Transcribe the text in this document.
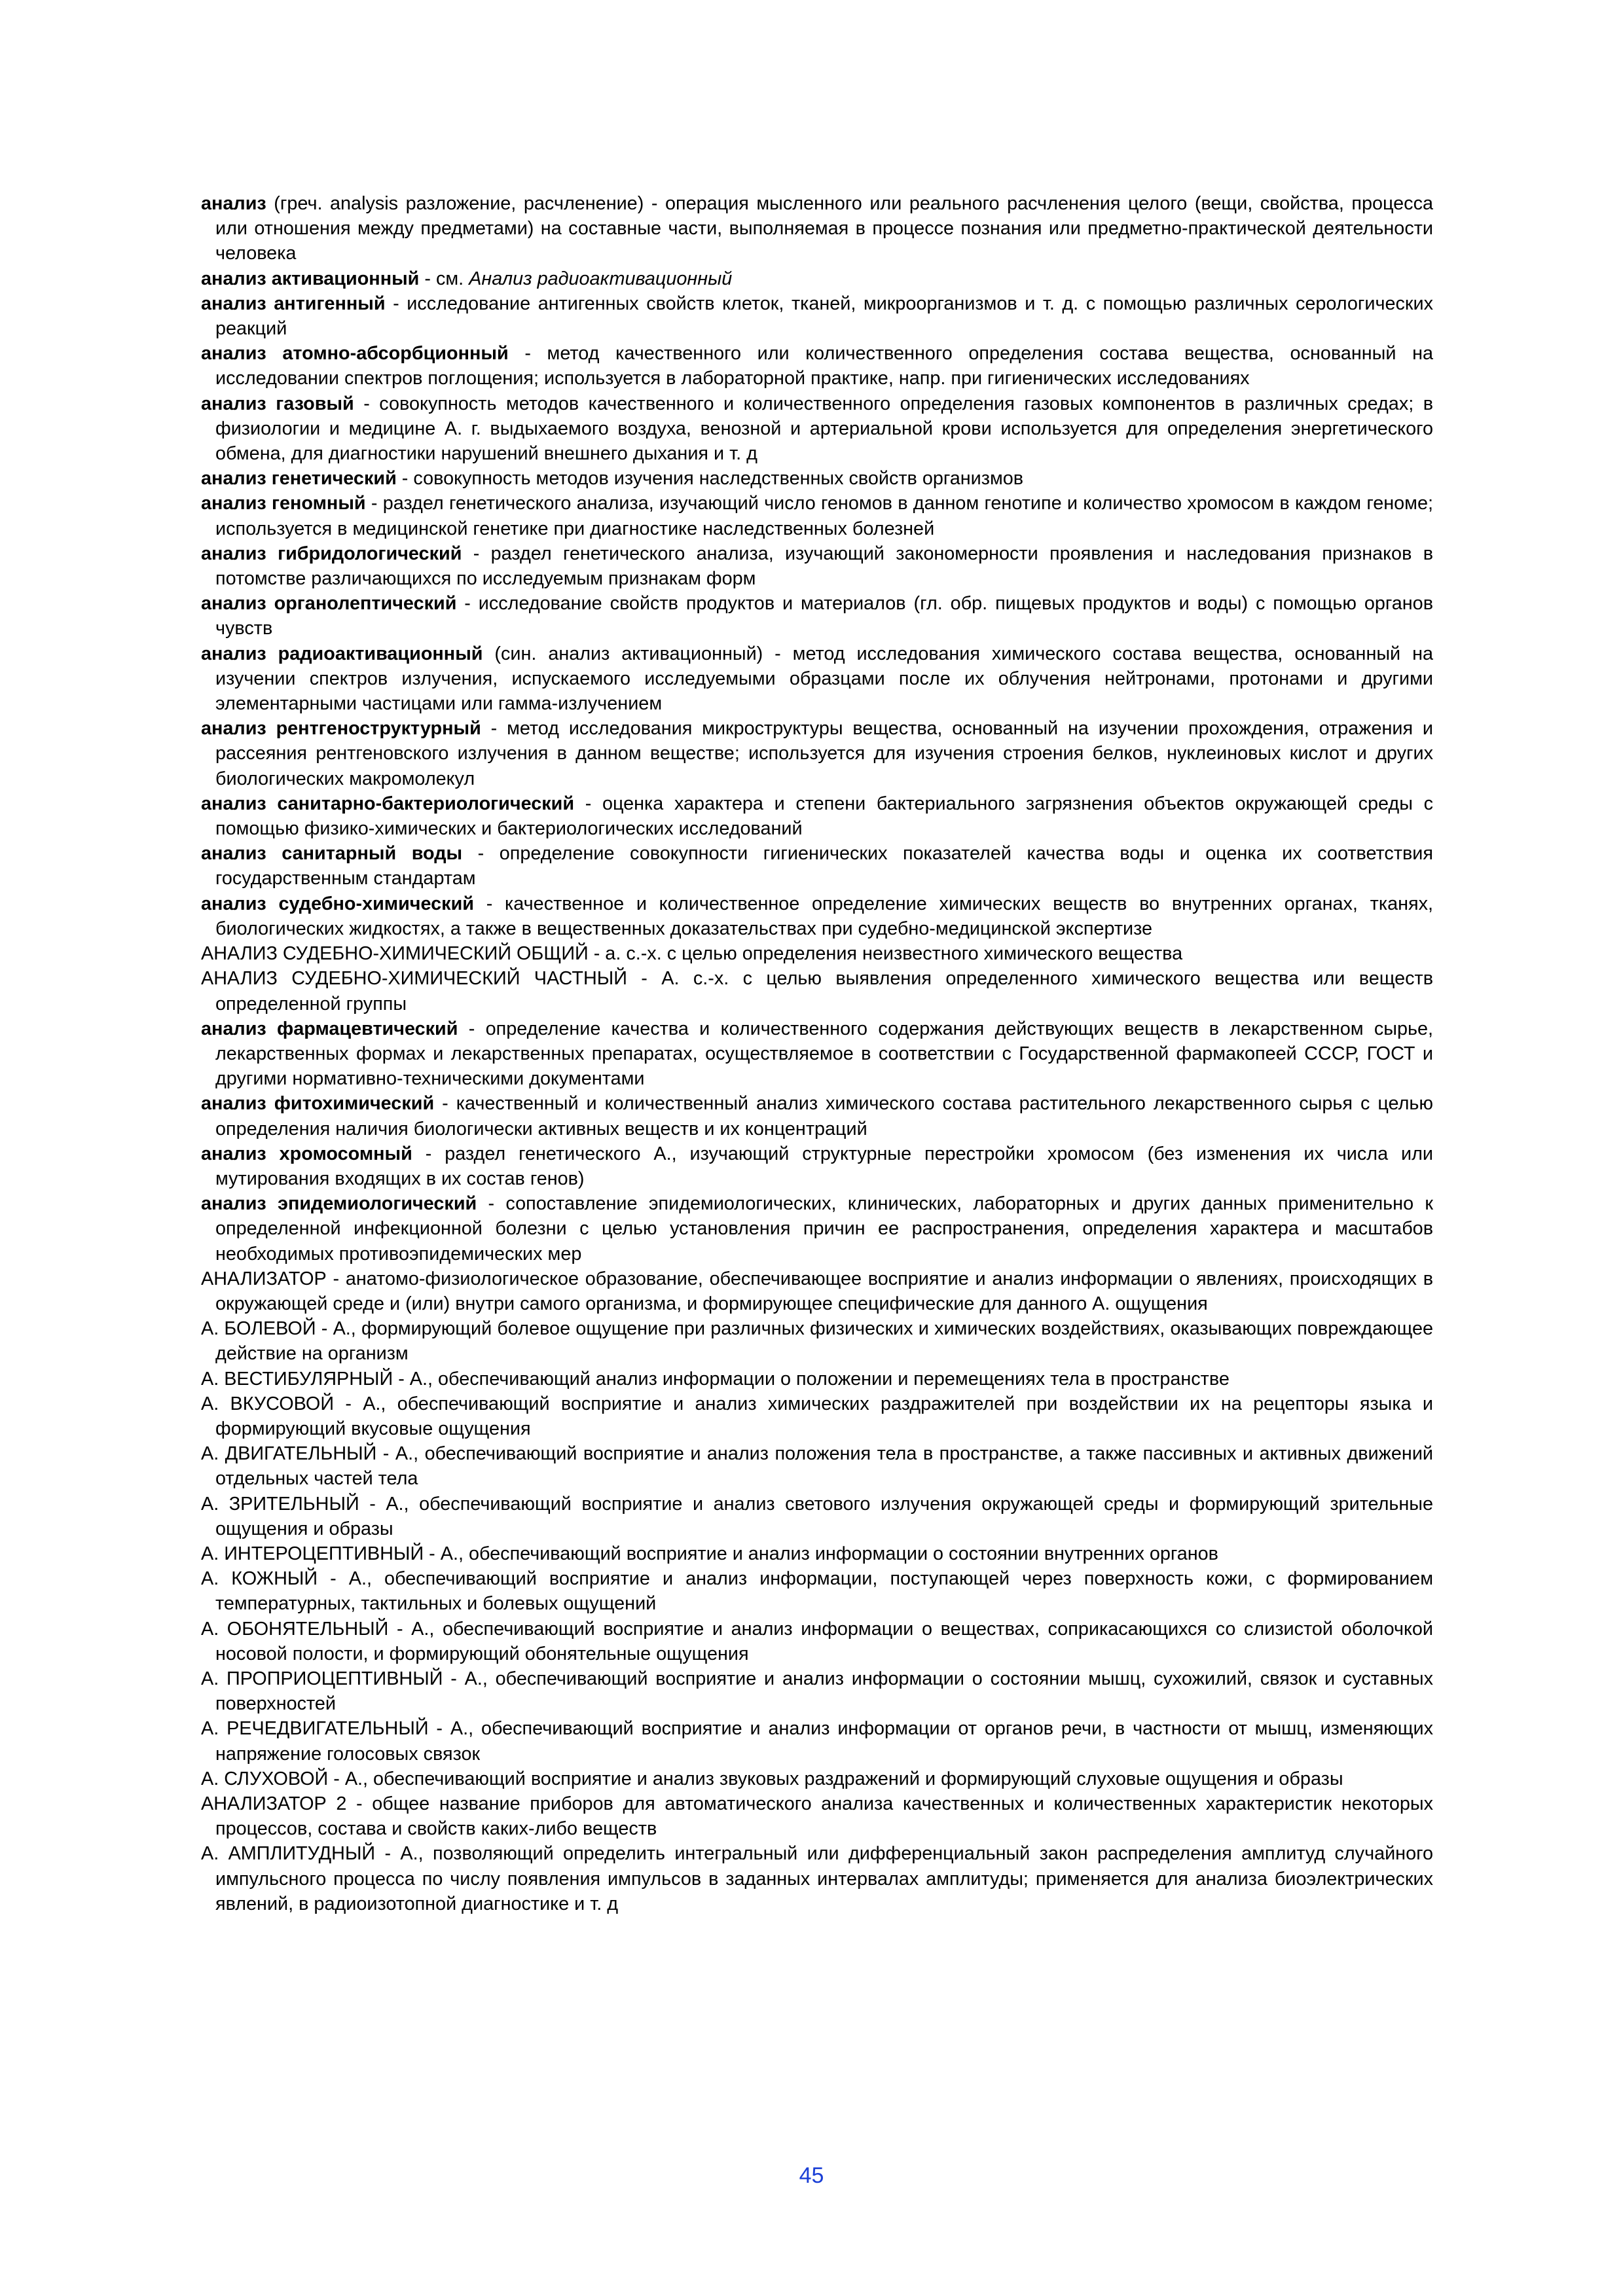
анализ (греч. analysis разложение, расчленение) - операция мысленного или реального расчленения целого (вещи, свойства, процесса или отношения между предметами) на составные части, выполняемая в процессе познания или предметно-практической деятельности человека

анализ активационный - см. Анализ радиоактивационный

анализ антигенный - исследование антигенных свойств клеток, тканей, микроорганизмов и т. д. с помощью различных серологических реакций

анализ атомно-абсорбционный - метод качественного или количественного определения состава вещества, основанный на исследовании спектров поглощения; используется в лабораторной практике, напр. при гигиенических исследованиях

анализ газовый - совокупность методов качественного и количественного определения газовых компонентов в различных средах; в физиологии и медицине А. г. выдыхаемого воздуха, венозной и артериальной крови используется для определения энергетического обмена, для диагностики нарушений внешнего дыхания и т. д

анализ генетический - совокупность методов изучения наследственных свойств организмов

анализ геномный - раздел генетического анализа, изучающий число геномов в данном генотипе и количество хромосом в каждом геноме; используется в медицинской генетике при диагностике наследственных болезней

анализ гибридологический - раздел генетического анализа, изучающий закономерности проявления и наследования признаков в потомстве различающихся по исследуемым признакам форм

анализ органолептический - исследование свойств продуктов и материалов (гл. обр. пищевых продуктов и воды) с помощью органов чувств

анализ радиоактивационный (син. анализ активационный) - метод исследования химического состава вещества, основанный на изучении спектров излучения, испускаемого исследуемыми образцами после их облучения нейтронами, протонами и другими элементарными частицами или гамма-излучением

анализ рентгеноструктурный - метод исследования микроструктуры вещества, основанный на изучении прохождения, отражения и рассеяния рентгеновского излучения в данном веществе; используется для изучения строения белков, нуклеиновых кислот и других биологических макромолекул

анализ санитарно-бактериологический - оценка характера и степени бактериального загрязнения объектов окружающей среды с помощью физико-химических и бактериологических исследований

анализ санитарный воды - определение совокупности гигиенических показателей качества воды и оценка их соответствия государственным стандартам

анализ судебно-химический - качественное и количественное определение химических веществ во внутренних органах, тканях, биологических жидкостях, а также в вещественных доказательствах при судебно-медицинской экспертизе

АНАЛИЗ СУДЕБНО-ХИМИЧЕСКИЙ ОБЩИЙ - а. с.-х. с целью определения неизвестного химического вещества

АНАЛИЗ СУДЕБНО-ХИМИЧЕСКИЙ ЧАСТНЫЙ - А. с.-х. с целью выявления определенного химического вещества или веществ определенной группы

анализ фармацевтический - определение качества и количественного содержания действующих веществ в лекарственном сырье, лекарственных формах и лекарственных препаратах, осуществляемое в соответствии с Государственной фармакопеей СССР, ГОСТ и другими нормативно-техническими документами

анализ фитохимический - качественный и количественный анализ химического состава растительного лекарственного сырья с целью определения наличия биологически активных веществ и их концентраций

анализ хромосомный - раздел генетического А., изучающий структурные перестройки хромосом (без изменения их числа или мутирования входящих в их состав генов)

анализ эпидемиологический - сопоставление эпидемиологических, клинических, лабораторных и других данных применительно к определенной инфекционной болезни с целью установления причин ее распространения, определения характера и масштабов необходимых противоэпидемических мер

АНАЛИЗАТОР - анатомо-физиологическое образование, обеспечивающее восприятие и анализ информации о явлениях, происходящих в окружающей среде и (или) внутри самого организма, и формирующее специфические для данного А. ощущения

А. БОЛЕВОЙ - А., формирующий болевое ощущение при различных физических и химических воздействиях, оказывающих повреждающее действие на организм

А. ВЕСТИБУЛЯРНЫЙ - А., обеспечивающий анализ информации о положении и перемещениях тела в пространстве

А. ВКУСОВОЙ - А., обеспечивающий восприятие и анализ химических раздражителей при воздействии их на рецепторы языка и формирующий вкусовые ощущения

А. ДВИГАТЕЛЬНЫЙ - А., обеспечивающий восприятие и анализ положения тела в пространстве, а также пассивных и активных движений отдельных частей тела

А. ЗРИТЕЛЬНЫЙ - А., обеспечивающий восприятие и анализ светового излучения окружающей среды и формирующий зрительные ощущения и образы

А. ИНТЕРОЦЕПТИВНЫЙ - А., обеспечивающий восприятие и анализ информации о состоянии внутренних органов

А. КОЖНЫЙ - А., обеспечивающий восприятие и анализ информации, поступающей через поверхность кожи, с формированием температурных, тактильных и болевых ощущений

А. ОБОНЯТЕЛЬНЫЙ - А., обеспечивающий восприятие и анализ информации о веществах, соприкасающихся со слизистой оболочкой носовой полости, и формирующий обонятельные ощущения

А. ПРОПРИОЦЕПТИВНЫЙ - А., обеспечивающий восприятие и анализ информации о состоянии мышц, сухожилий, связок и суставных поверхностей

А. РЕЧЕДВИГАТЕЛЬНЫЙ - А., обеспечивающий восприятие и анализ информации от органов речи, в частности от мышц, изменяющих напряжение голосовых связок

А. СЛУХОВОЙ - А., обеспечивающий восприятие и анализ звуковых раздражений и формирующий слуховые ощущения и образы

АНАЛИЗАТОР 2 - общее название приборов для автоматического анализа качественных и количественных характеристик некоторых процессов, состава и свойств каких-либо веществ

А. АМПЛИТУДНЫЙ - А., позволяющий определить интегральный или дифференциальный закон распределения амплитуд случайного импульсного процесса по числу появления импульсов в заданных интервалах амплитуды; применяется для анализа биоэлектрических явлений, в радиоизотопной диагностике и т. д

45
